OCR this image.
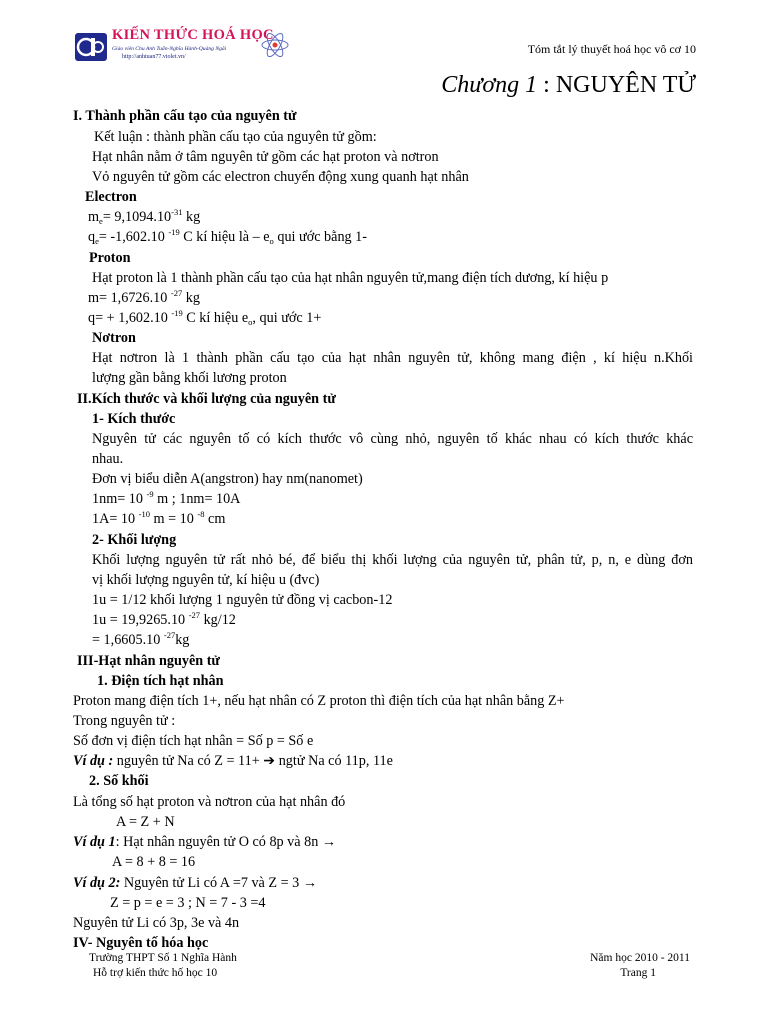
KIẾN THỨC HOÁ HỌC
Giáo viên Chu Anh Tuấn-Nghĩa Hành-Quảng Ngãi
http://anhtuan77.violet.vn/
Tóm tắt lý thuyết hoá học vô cơ 10
Chương 1 : NGUYÊN TỬ
I. Thành phần cấu tạo của nguyên tử
Kết luận : thành phần cấu tạo của nguyên tử gồm:
Hạt nhân nằm ở tâm nguyên tử gồm các hạt proton và nơtron
Vỏ nguyên tử gồm các electron chuyển động xung quanh hạt nhân
Electron
$m_e= 9,1094.10^{-31}$ kg
$q_e= -1,602.10$ $^{-19}$ C kí hiệu là – $e_o$ qui ước bằng 1-
Proton
Hạt proton là 1 thành phần cấu tạo của hạt nhân nguyên tử,mang điện tích dương, kí hiệu p
m= 1,6726.10 $^{-27}$ kg
q= + 1,602.10 $^{-19}$ C kí hiệu $e_o$, qui ước 1+
Nơtron
Hạt nơtron là 1 thành phần cấu tạo của hạt nhân nguyên tử, không mang điện , kí hiệu n.Khối
lượng gần bằng khối lương proton
II.Kích thước và khối lượng của nguyên tử
1- Kích thước
Nguyên tử các nguyên tố có kích thước vô cùng nhỏ, nguyên tố khác nhau có kích thước khác
nhau.
Đơn vị biểu diễn A(angstron) hay nm(nanomet)
1nm= 10 $^{-9}$ m ; 1nm= 10A
1A= 10 $^{-10}$ m = 10 $^{-8}$ cm
2- Khối lượng
Khối lượng nguyên tử rất nhỏ bé, để biểu thị khối lượng của nguyên tử, phân tử, p, n, e dùng đơn
vị khối lượng nguyên tử, kí hiệu u (đvc)
1u = 1/12 khối lượng 1 nguyên tử đồng vị cacbon-12
1u = 19,9265.10 $^{-27}$ kg/12
= 1,6605.10 $^{-27}$kg
III-Hạt nhân nguyên tử
1. Điện tích hạt nhân
Proton mang điện tích 1+, nếu hạt nhân có Z proton thì điện tích của hạt nhân bằng Z+
Trong nguyên tử :
Số đơn vị điện tích hạt nhân = Số p = Số e
Ví dụ : nguyên tử Na có Z = 11+ ➔ ngtử Na có 11p, 11e
2. Số khối
Là tổng số hạt proton và nơtron của hạt nhân đó
A = Z + N
Ví dụ 1: Hạt nhân nguyên tử O có 8p và 8n →
A = 8 + 8 = 16
Ví dụ 2: Nguyên tử Li có A =7 và Z = 3 →
Z = p = e = 3 ; N = 7 - 3 =4
Nguyên tử Li có 3p, 3e và 4n
IV- Nguyên tố hóa học
Trường THPT Số 1 Nghĩa Hành
Hỗ trợ kiến thức hố học 10
Năm học 2010 - 2011
Trang 1
